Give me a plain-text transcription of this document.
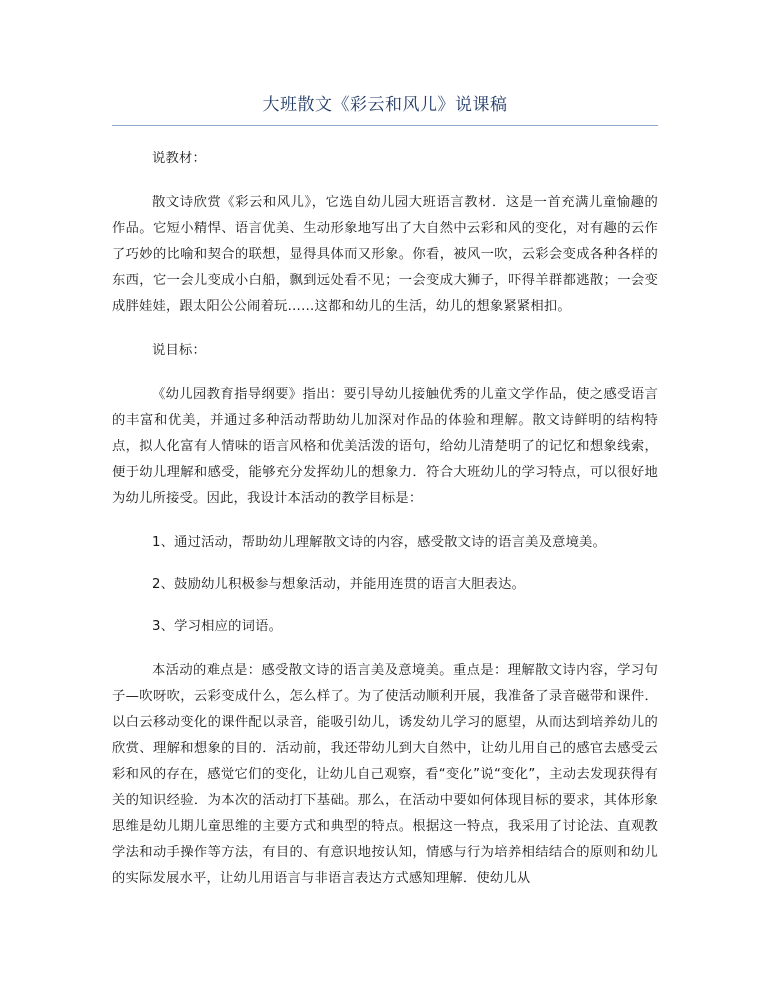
大班散文《彩云和风儿》说课稿

说教材：

散文诗欣赏《彩云和风儿》，它选自幼儿园大班语言教材．这是一首充满儿童愉趣的作品。它短小精悍、语言优美、生动形象地写出了大自然中云彩和风的变化，对有趣的云作了巧妙的比喻和契合的联想，显得具体而又形象。你看，被风一吹，云彩会变成各种各样的东西，它一会儿变成小白船，飘到远处看不见；一会变成大狮子，吓得羊群都逃散；一会变成胖娃娃，跟太阳公公闹着玩……这都和幼儿的生活，幼儿的想象紧紧相扣。

说目标：

《幼儿园教育指导纲要》指出：要引导幼儿接触优秀的儿童文学作品，使之感受语言的丰富和优美，并通过多种活动帮助幼儿加深对作品的体验和理解。散文诗鲜明的结构特点，拟人化富有人情味的语言风格和优美活泼的语句，给幼儿清楚明了的记忆和想象线索，便于幼儿理解和感受，能够充分发挥幼儿的想象力．符合大班幼儿的学习特点，可以很好地为幼儿所接受。因此，我设计本活动的教学目标是：

1、通过活动，帮助幼儿理解散文诗的内容，感受散文诗的语言美及意境美。

2、鼓励幼儿积极参与想象活动，并能用连贯的语言大胆表达。

3、学习相应的词语。

本活动的难点是：感受散文诗的语言美及意境美。重点是：理解散文诗内容，学习句子—吹呀吹，云彩变成什么，怎么样了。为了使活动顺利开展，我准备了录音磁带和课件．以白云移动变化的课件配以录音，能吸引幼儿，诱发幼儿学习的愿望，从而达到培养幼儿的欣赏、理解和想象的目的．活动前，我还带幼儿到大自然中，让幼儿用自己的感官去感受云彩和风的存在，感觉它们的变化，让幼儿自己观察，看“变化”说“变化”，主动去发现获得有关的知识经验．为本次的活动打下基础。那么，在活动中要如何体现目标的要求，其体形象思维是幼儿期儿童思维的主要方式和典型的特点。根据这一特点，我采用了讨论法、直观教学法和动手操作等方法，有目的、有意识地按认知，情感与行为培养相结结合的原则和幼儿的实际发展水平，让幼儿用语言与非语言表达方式感知理解．使幼儿从
